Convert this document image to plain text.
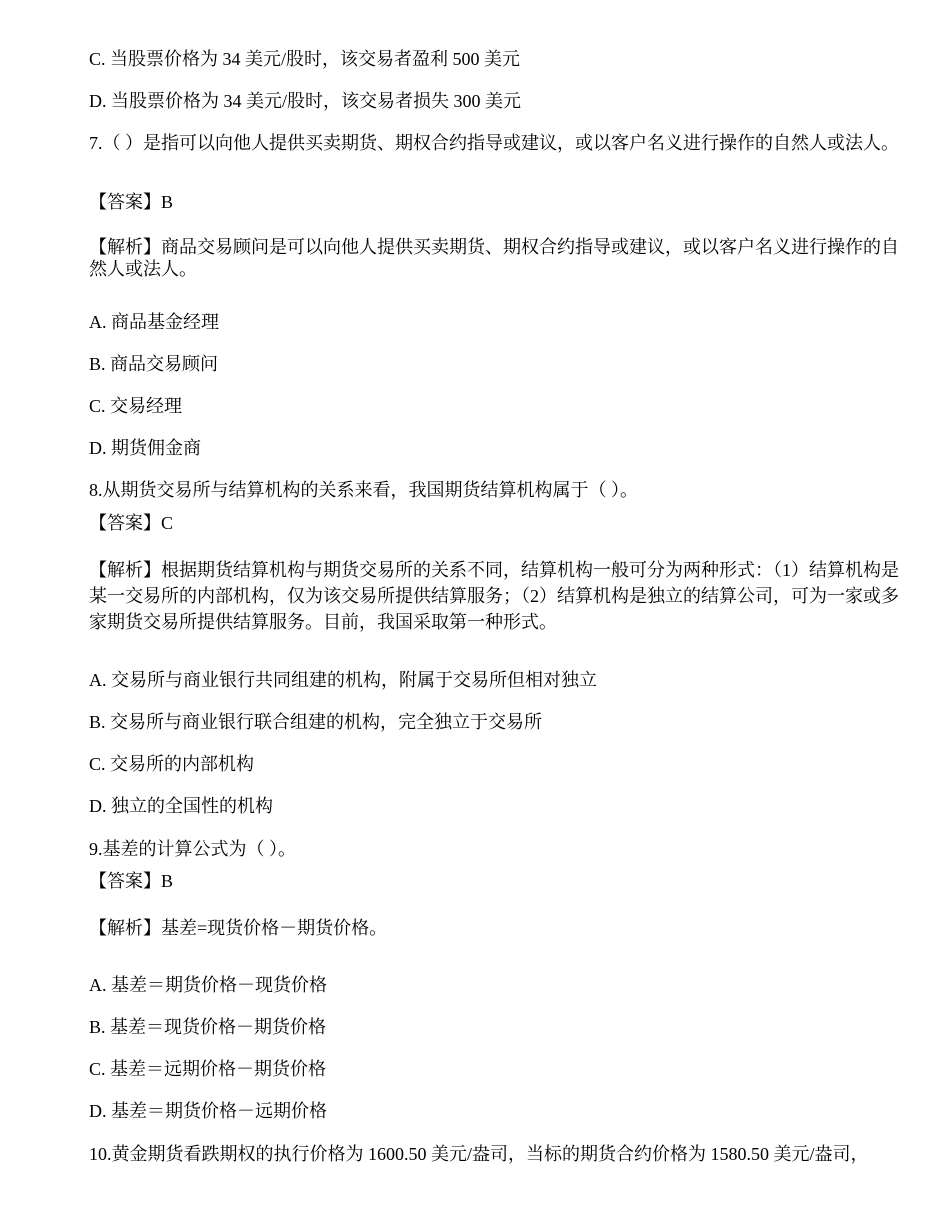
C. 当股票价格为 34 美元/股时，该交易者盈利 500 美元
D. 当股票价格为 34 美元/股时，该交易者损失 300 美元
7.（ ）是指可以向他人提供买卖期货、期权合约指导或建议，或以客户名义进行操作的自然人或法人。
【答案】B
【解析】商品交易顾问是可以向他人提供买卖期货、期权合约指导或建议，或以客户名义进行操作的自然人或法人。
A. 商品基金经理
B. 商品交易顾问
C. 交易经理
D. 期货佣金商
8.从期货交易所与结算机构的关系来看，我国期货结算机构属于（ ）。
【答案】C
【解析】根据期货结算机构与期货交易所的关系不同，结算机构一般可分为两种形式：（1）结算机构是某一交易所的内部机构，仅为该交易所提供结算服务；（2）结算机构是独立的结算公司，可为一家或多家期货交易所提供结算服务。目前，我国采取第一种形式。
A. 交易所与商业银行共同组建的机构，附属于交易所但相对独立
B. 交易所与商业银行联合组建的机构，完全独立于交易所
C. 交易所的内部机构
D. 独立的全国性的机构
9.基差的计算公式为（ ）。
【答案】B
【解析】基差=现货价格－期货价格。
A. 基差＝期货价格－现货价格
B. 基差＝现货价格－期货价格
C. 基差＝远期价格－期货价格
D. 基差＝期货价格－远期价格
10.黄金期货看跌期权的执行价格为 1600.50 美元/盎司，当标的期货合约价格为 1580.50 美元/盎司，
